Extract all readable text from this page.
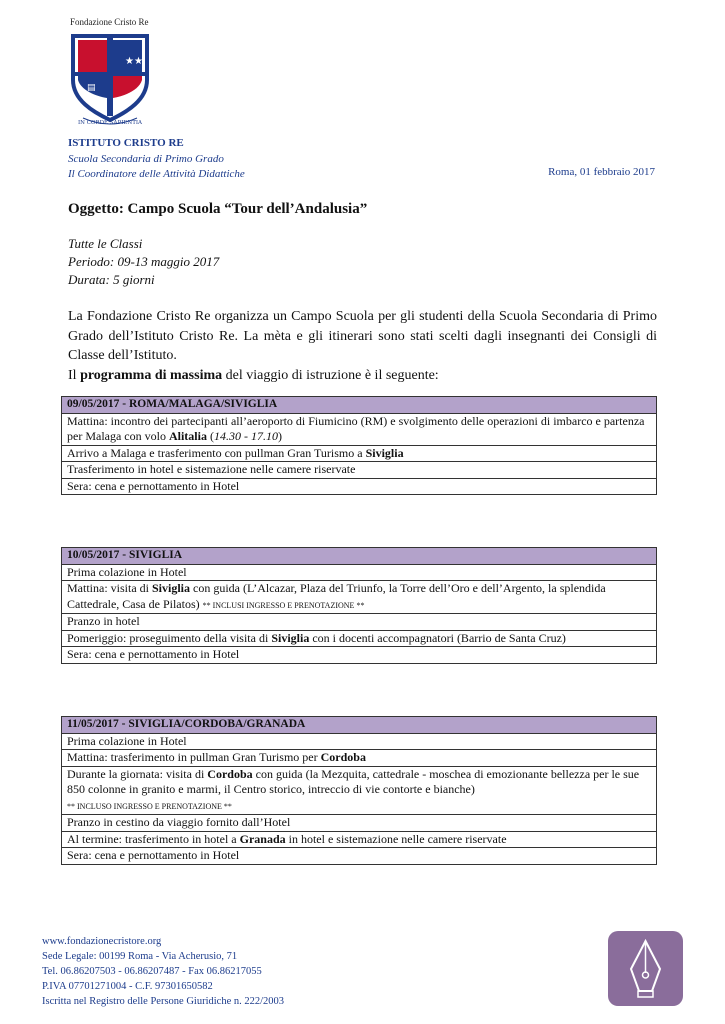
Fondazione Cristo Re
★★
▤
IN CORDE SAPIENTIA
ISTITUTO CRISTO RE
Scuola Secondaria di Primo Grado
Il Coordinatore delle Attività Didattiche	Roma, 01 febbraio 2017
Oggetto: Campo Scuola “Tour dell’Andalusia”
Tutte le Classi
Periodo: 09-13 maggio 2017
Durata: 5 giorni

La Fondazione Cristo Re organizza un Campo Scuola per gli studenti della Scuola Secondaria di Primo Grado dell’Istituto Cristo Re. La mèta e gli itinerari sono stati scelti dagli insegnanti dei Consigli di Classe dell’Istituto.

Il programma di massima del viaggio di istruzione è il seguente:

09/05/2017 - ROMA/MALAGA/SIVIGLIA
Mattina: incontro dei partecipanti all’aeroporto di Fiumicino (RM) e svolgimento delle operazioni di imbarco e partenza per Malaga con volo Alitalia (14.30 - 17.10)
Arrivo a Malaga e trasferimento con pullman Gran Turismo a Siviglia
Trasferimento in hotel e sistemazione nelle camere riservate
Sera: cena e pernottamento in Hotel
10/05/2017 - SIVIGLIA
Prima colazione in Hotel
Mattina: visita di Siviglia con guida (L’Alcazar, Plaza del Triunfo, la Torre dell’Oro e dell’Argento, la splendida Cattedrale, Casa de Pilatos) ** INCLUSI INGRESSO E PRENOTAZIONE **
Pranzo in hotel
Pomeriggio: proseguimento della visita di Siviglia con i docenti accompagnatori (Barrio de Santa Cruz)
Sera: cena e pernottamento in Hotel
11/05/2017 - SIVIGLIA/CORDOBA/GRANADA
Prima colazione in Hotel
Mattina: trasferimento in pullman Gran Turismo per Cordoba
Durante la giornata: visita di Cordoba con guida (la Mezquita, cattedrale - moschea di emozionante bellezza per le sue 850 colonne in granito e marmi, il Centro storico, intreccio di vie contorte e bianche)
** INCLUSO INGRESSO E PRENOTAZIONE **
Pranzo in cestino da viaggio fornito dall’Hotel
Al termine: trasferimento in hotel a Granada in hotel e sistemazione nelle camere riservate
Sera: cena e pernottamento in Hotel
www.fondazionecristore.org
Sede Legale: 00199 Roma - Via Acherusio, 71
Tel. 06.86207503 - 06.86207487 - Fax 06.86217055
P.IVA 07701271004 - C.F. 97301650582
Iscritta nel Registro delle Persone Giuridiche n. 222/2003
